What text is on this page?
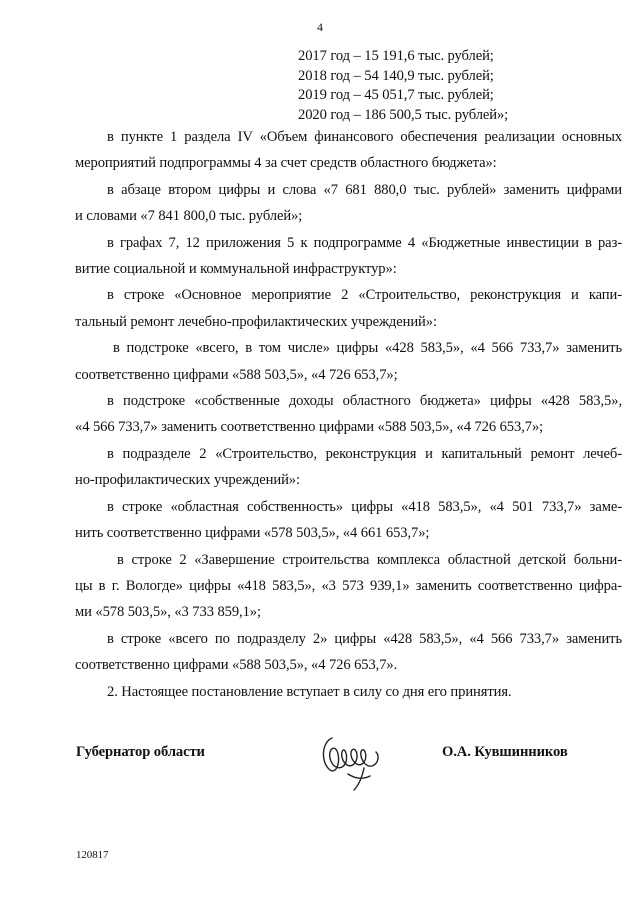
4
2017 год – 15 191,6 тыс. рублей;
2018 год – 54 140,9 тыс. рублей;
2019 год – 45 051,7 тыс. рублей;
2020 год – 186 500,5 тыс. рублей»;
в пункте 1 раздела IV «Объем финансового обеспечения реализации основных
мероприятий подпрограммы 4 за счет средств областного бюджета»:
в абзаце втором цифры и слова «7 681 880,0 тыс. рублей» заменить цифрами
и словами «7 841 800,0 тыс. рублей»;
в графах 7, 12 приложения 5 к подпрограмме 4 «Бюджетные инвестиции в раз-
витие социальной и коммунальной инфраструктур»:
в строке «Основное мероприятие 2 «Строительство, реконструкция и капи-
тальный ремонт лечебно-профилактических учреждений»:
в подстроке «всего, в том числе» цифры «428 583,5», «4 566 733,7» заменить
соответственно цифрами «588 503,5», «4 726 653,7»;
в подстроке «собственные доходы областного бюджета» цифры «428 583,5»,
«4 566 733,7» заменить соответственно цифрами «588 503,5», «4 726 653,7»;
в подразделе 2 «Строительство, реконструкция и капитальный ремонт лечеб-
но-профилактических учреждений»:
в строке «областная собственность» цифры «418 583,5», «4 501 733,7» заме-
нить соответственно цифрами «578 503,5», «4 661 653,7»;
в строке 2 «Завершение строительства комплекса областной детской больни-
цы в г. Вологде» цифры «418 583,5», «3 573 939,1» заменить соответственно цифра-
ми «578 503,5», «3 733 859,1»;
в строке «всего по подразделу 2» цифры «428 583,5», «4 566 733,7» заменить
соответственно цифрами «588 503,5», «4 726 653,7».
2. Настоящее постановление вступает в силу со дня его принятия.
Губернатор области	О.А. Кувшинников
120817
